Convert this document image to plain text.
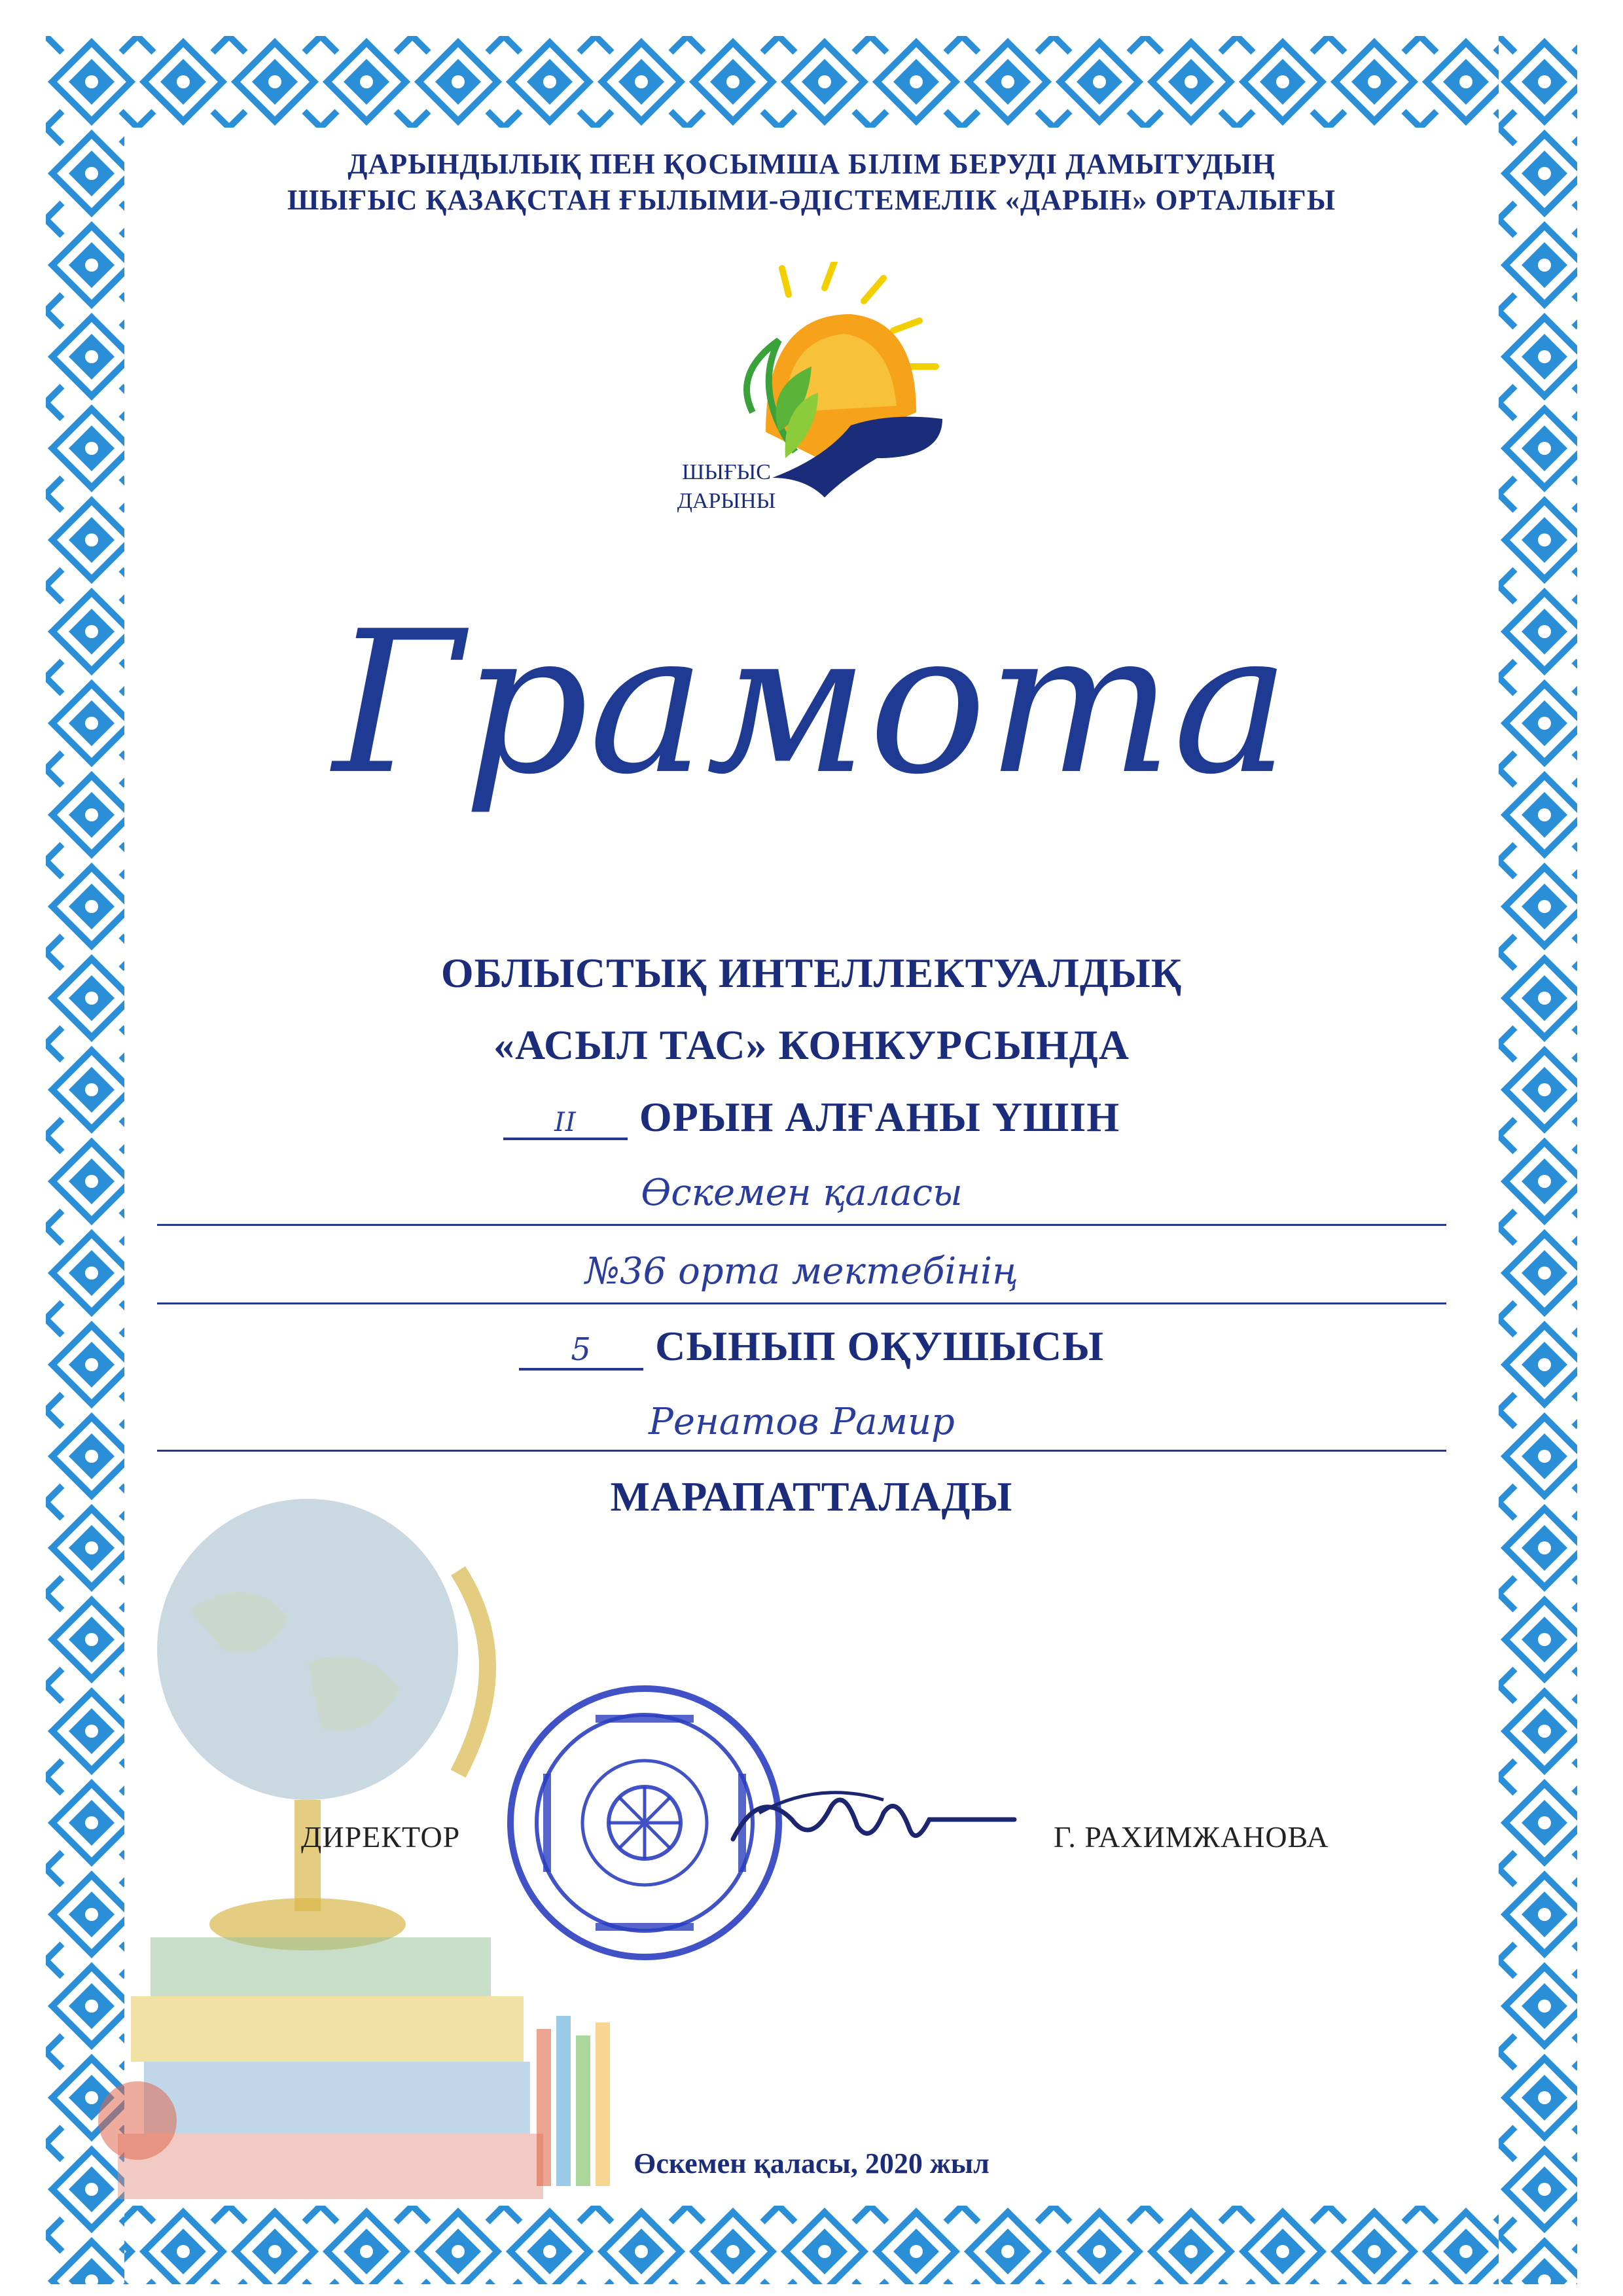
ДАРЫНДЫЛЫҚ ПЕН ҚОСЫМША БІЛІМ БЕРУДІ ДАМЫТУДЫҢ
ШЫҒЫС ҚАЗАҚСТАН ҒЫЛЫМИ-ӘДІСТЕМЕЛІК «ДАРЫН» ОРТАЛЫҒЫ
ШЫҒЫС
ДАРЫНЫ
Грамота
ОБЛЫСТЫҚ ИНТЕЛЛЕКТУАЛДЫҚ
«АСЫЛ ТАС» КОНКУРСЫНДА
II ОРЫН АЛҒАНЫ ҮШІН
Өскемен қаласы
№36 орта мектебінің
5 СЫНЫП ОҚУШЫСЫ
Ренатов Рамир
МАРАПАТТАЛАДЫ
ДИРЕКТОР	Г. РАХИМЖАНОВА
Өскемен қаласы, 2020 жыл
